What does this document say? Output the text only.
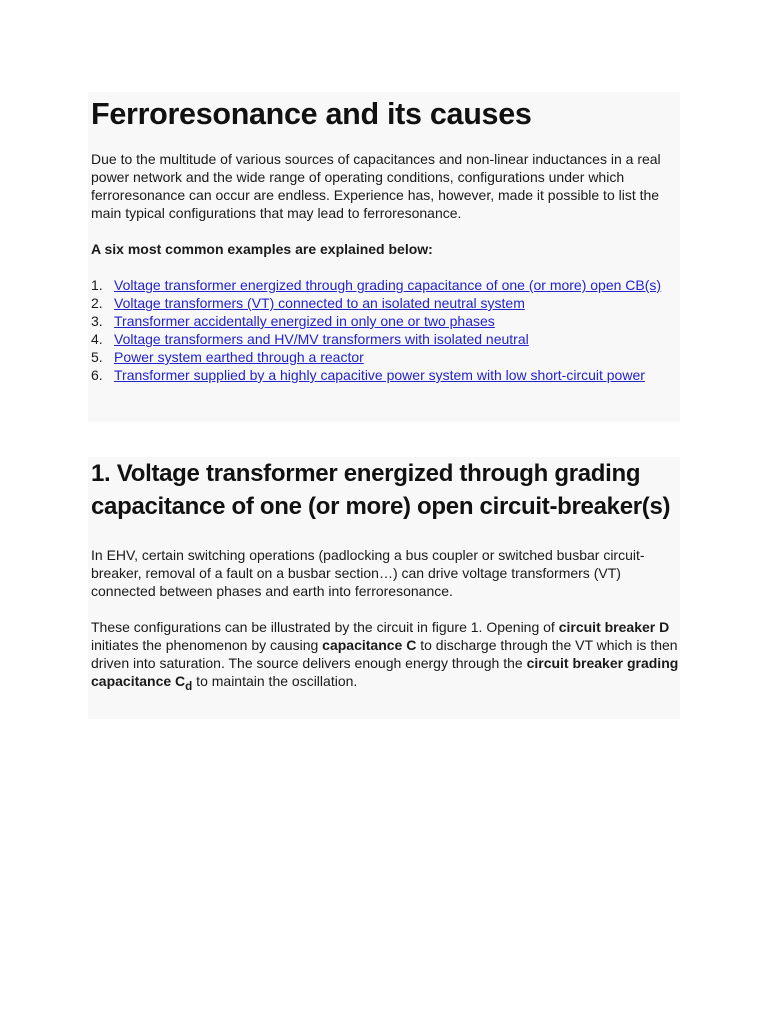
Ferroresonance and its causes

Due to the multitude of various sources of capacitances and non-linear inductances in a real power network and the wide range of operating conditions, configurations under which ferroresonance can occur are endless. Experience has, however, made it possible to list the main typical configurations that may lead to ferroresonance.

A six most common examples are explained below:

1. Voltage transformer energized through grading capacitance of one (or more) open CB(s)
2. Voltage transformers (VT) connected to an isolated neutral system
3. Transformer accidentally energized in only one or two phases
4. Voltage transformers and HV/MV transformers with isolated neutral
5. Power system earthed through a reactor
6. Transformer supplied by a highly capacitive power system with low short-circuit power
1. Voltage transformer energized through grading capacitance of one (or more) open circuit-breaker(s)

In EHV, certain switching operations (padlocking a bus coupler or switched busbar circuit-breaker, removal of a fault on a busbar section…) can drive voltage transformers (VT) connected between phases and earth into ferroresonance.

These configurations can be illustrated by the circuit in figure 1. Opening of circuit breaker D initiates the phenomenon by causing capacitance C to discharge through the VT which is then driven into saturation. The source delivers enough energy through the circuit breaker grading capacitance $C_d$ to maintain the oscillation.
